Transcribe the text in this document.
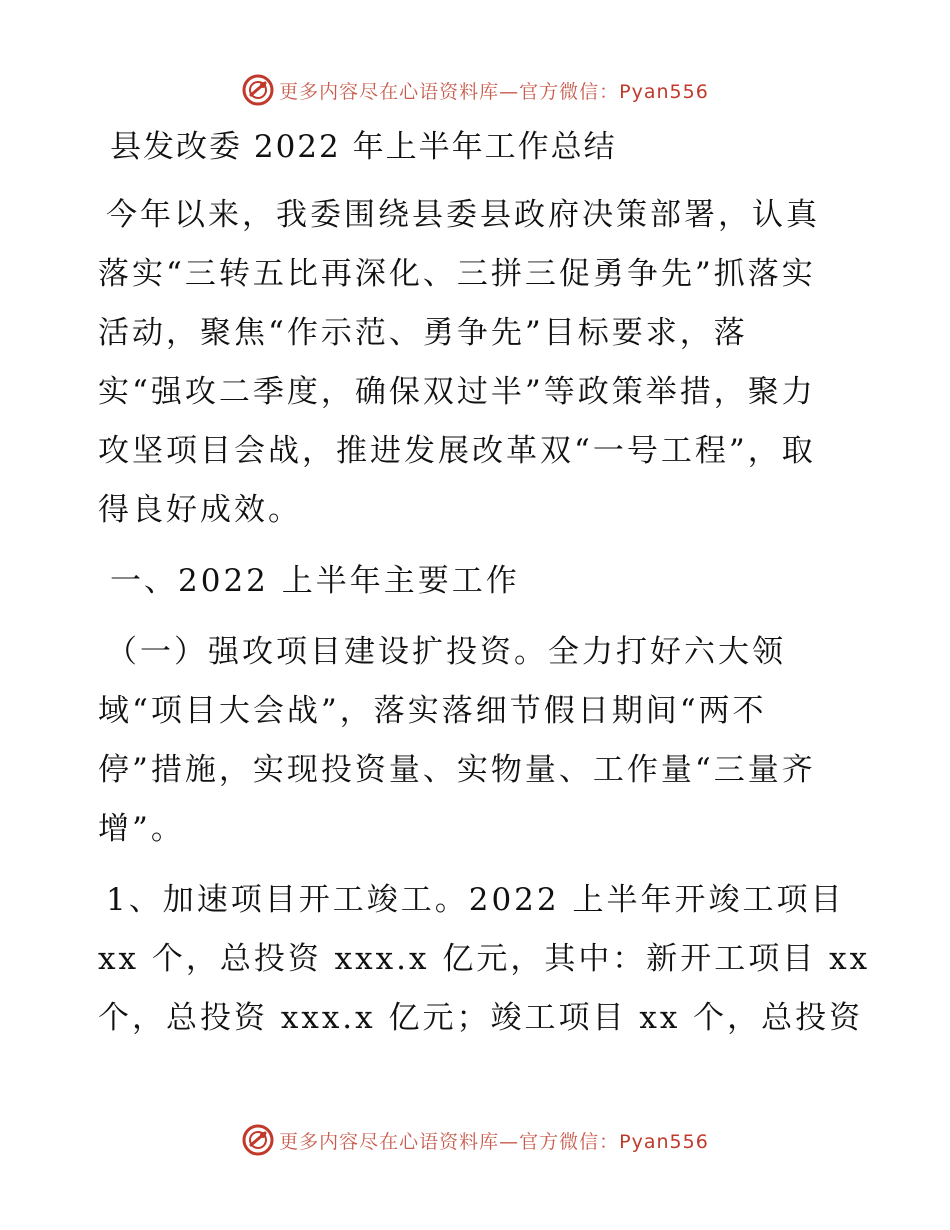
更多内容尽在心语资料库—官方微信：Pyan556
县发改委 2022 年上半年工作总结
今年以来，我委围绕县委县政府决策部署，认真
落实“三转五比再深化、三拼三促勇争先”抓落实
活动，聚焦“作示范、勇争先”目标要求，落
实“强攻二季度，确保双过半”等政策举措，聚力
攻坚项目会战，推进发展改革双“一号工程”，取
得良好成效。
一、2022 上半年主要工作
（一）强攻项目建设扩投资。全力打好六大领
域“项目大会战”，落实落细节假日期间“两不
停”措施，实现投资量、实物量、工作量“三量齐
增”。
1、加速项目开工竣工。2022 上半年开竣工项目
xx 个，总投资 xxx.x 亿元，其中：新开工项目 xx
个，总投资 xxx.x 亿元；竣工项目 xx 个，总投资
更多内容尽在心语资料库—官方微信：Pyan556
